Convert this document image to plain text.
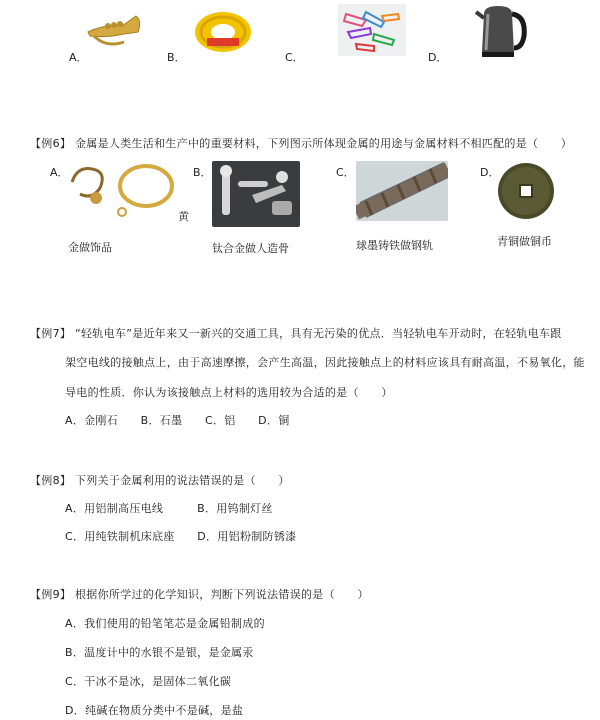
A．	B．	C．	D．
【例6】 金属是人类生活和生产中的重要材料，下列图示所体现金属的用途与金属材料不相匹配的是（　　）
A．	B．	C．	D．
黄
金做饰品	钛合金做人造骨	球墨铸铁做钢轨	青铜做铜币
【例7】 “轻轨电车”是近年来又一新兴的交通工具，具有无污染的优点．当轻轨电车开动时，在轻轨电车跟
架空电线的接触点上，由于高速摩擦，会产生高温，因此接触点上的材料应该具有耐高温，不易氧化，能
导电的性质．你认为该接触点上材料的选用较为合适的是（　　）
A．金刚石　　B．石墨　　C．铝　　D．铜
【例8】 下列关于金属利用的说法错误的是（　　）
A．用铝制高压电线　　　B．用钨制灯丝
C．用纯铁制机床底座　　D．用铝粉制防锈漆
【例9】 根据你所学过的化学知识，判断下列说法错误的是（　　）
A．我们使用的铅笔笔芯是金属铅制成的
B．温度计中的水银不是银，是金属汞
C．干冰不是冰，是固体二氧化碳
D．纯碱在物质分类中不是碱，是盐
